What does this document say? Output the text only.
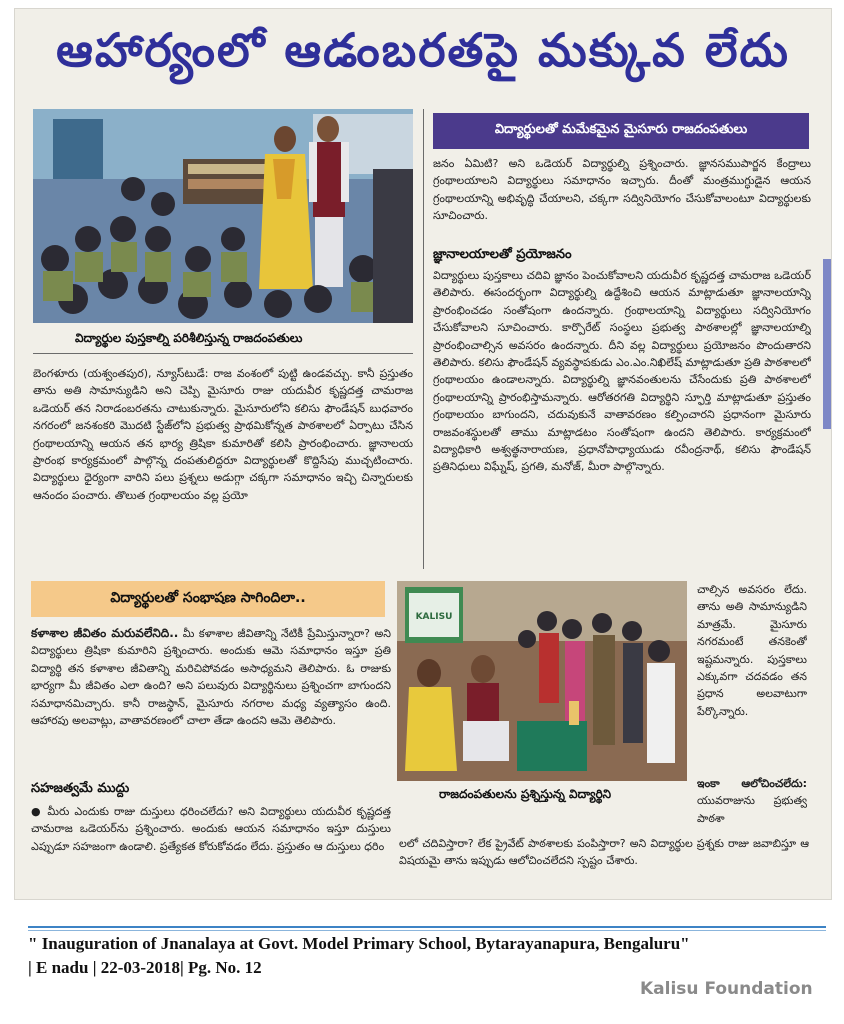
ఆహార్యంలో ఆడంబరతపై మక్కువ లేదు
విద్యార్థుల పుస్తకాల్ని పరిశీలిస్తున్న రాజదంపతులు
విద్యార్థులతో మమేకమైన మైసూరు రాజదంపతులు
జనం ఏమిటి? అని ఒడెయర్ విద్యార్థుల్ని ప్రశ్నించారు. జ్ఞానసముపార్జన కేంద్రాలు గ్రంథాలయాలని విద్యార్థులు సమాధానం ఇచ్చారు. దీంతో మంత్రముగ్ధుడైన ఆయన గ్రంథాలయాన్ని అభివృద్ధి చేయాలని, చక్కగా సద్వినియోగం చేసుకోవాలంటూ విద్యార్థులకు సూచించారు.
జ్ఞానాలయాలతో ప్రయోజనం
విద్యార్థులు పుస్తకాలు చదివి జ్ఞానం పెంచుకోవాలని యదువీర కృష్ణదత్త చామరాజ ఒడెయర్ తెలిపారు. ఈసందర్భంగా విద్యార్థుల్ని ఉద్దేశించి ఆయన మాట్లాడుతూ జ్ఞానాలయాన్ని ప్రారంభించడం సంతోషంగా ఉందన్నారు. గ్రంథాలయాన్ని విద్యార్థులు సద్వినియోగం చేసుకోవాలని సూచించారు. కార్పొరేట్ సంస్థలు ప్రభుత్వ పాఠశాలల్లో జ్ఞానాలయాల్ని ప్రారంభించాల్సిన అవసరం ఉందన్నారు. దీని వల్ల విద్యార్థులు ప్రయోజనం పొందుతారని తెలిపారు. కలిసు ఫౌండేషన్ వ్యవస్థాపకుడు ఎం.ఎం.నిఖిలేష్ మాట్లాడుతూ ప్రతి పాఠశాలలో గ్రంథాలయం ఉండాలన్నారు. విద్యార్థుల్ని జ్ఞానవంతులను చేసేందుకు ప్రతి పాఠశాలలో గ్రంథాలయాన్ని ప్రారంభిస్తామన్నారు. ఆరోతరగతి విద్యార్థిని స్ఫూర్తి మాట్లాడుతూ ప్రస్తుతం గ్రంథాలయం బాగుందని, చదువుకునే వాతావరణం కల్పించారని ప్రధానంగా మైసూరు రాజవంశస్థులతో తాము మాట్లాడటం సంతోషంగా ఉందని తెలిపారు. కార్యక్రమంలో విద్యాధికారి అశ్వత్థనారాయణ, ప్రధానోపాధ్యాయుడు రవీంద్రనాథ్, కలిసు ఫౌండేషన్ ప్రతినిధులు విఘ్నేష్, ప్రగతి, మనోజ్, మీరా పాల్గొన్నారు.
బెంగళూరు (యశ్వంతపుర), న్యూస్‌టుడే: రాజ వంశంలో పుట్టి ఉండవచ్చు. కానీ ప్రస్తుతం తాను అతి సామాన్యుడిని అని చెప్పి మైసూరు రాజు యదువీర కృష్ణదత్త చామరాజ ఒడెయర్ తన నిరాడంబరతను చాటుకున్నారు. మైసూరులోని కలిసు ఫౌండేషన్ బుధవారం నగరంలో జనశంకరి మొదటి స్టేజ్‌లోని ప్రభుత్వ ప్రాథమికోన్నత పాఠశాలలో ఏర్పాటు చేసిన గ్రంథాలయాన్ని ఆయన తన భార్య త్రిషికా కుమారితో కలిసి ప్రారంభించారు. జ్ఞానాలయ ప్రారంభ కార్యక్రమంలో పాల్గొన్న దంపతులిద్దరూ విద్యార్థులతో కొద్దిసేపు ముచ్చటించారు. విద్యార్థులు ధైర్యంగా వారిని పలు ప్రశ్నలు అడుగ్గా చక్కగా సమాధానం ఇచ్చి చిన్నారులకు ఆనందం పంచారు. తొలుత గ్రంథాలయం వల్ల ప్రయో
విద్యార్థులతో సంభాషణ సాగిందిలా..
KALISU
రాజదంపతులను ప్రశ్నిస్తున్న విద్యార్థిని
కళాశాల జీవితం మరువలేనిది.. మీ కళాశాల జీవితాన్ని నేటికీ ప్రేమిస్తున్నారా? అని విద్యార్థులు త్రిషికా కుమారిని ప్రశ్నించారు. అందుకు ఆమె సమాధానం ఇస్తూ ప్రతి విద్యార్థి తన కళాశాల జీవితాన్ని మరిచిపోవడం అసాధ్యమని తెలిపారు. ఓ రాజుకు భార్యగా మీ జీవితం ఎలా ఉంది? అని పలువురు విద్యార్థినులు ప్రశ్నించగా బాగుందని సమాధానమిచ్చారు. కానీ రాజస్థాన్, మైసూరు నగరాల మధ్య వ్యత్యాసం ఉంది. ఆహారపు అలవాట్లు, వాతావరణంలో చాలా తేడా ఉందని ఆమె తెలిపారు.
సహజత్వమే ముద్దు
● మీరు ఎందుకు రాజు దుస్తులు ధరించలేదు? అని విద్యార్థులు యదువీర కృష్ణదత్త చామరాజ ఒడెయర్‌ను ప్రశ్నించారు. అందుకు ఆయన సమాధానం ఇస్తూ దుస్తులు ఎప్పుడూ సహజంగా ఉండాలి. ప్రత్యేకత కోరుకోవడం లేదు. ప్రస్తుతం ఆ దుస్తులు ధరిం
చాల్సిన అవసరం లేదు. తాను అతి సామాన్యుడిని మాత్రమే. మైసూరు నగరమంటే తనకెంతో ఇష్టమన్నారు. పుస్తకాలు ఎక్కువగా చదవడం తన ప్రధాన అలవాటుగా పేర్కొన్నారు.
ఇంకా ఆలోచించలేదు: యువరాజును ప్రభుత్వ పాఠశా
లలో చదివిస్తారా? లేక ప్రైవేట్ పాఠశాలకు పంపిస్తారా? అని విద్యార్థుల ప్రశ్నకు రాజు జవాబిస్తూ ఆ విషయమై తాను ఇప్పుడు ఆలోచించలేదని స్పష్టం చేశారు.
" Inauguration of Jnanalaya at Govt. Model Primary School, Bytarayanapura, Bengaluru"
| E nadu | 22-03-2018| Pg. No. 12
Kalisu Foundation
